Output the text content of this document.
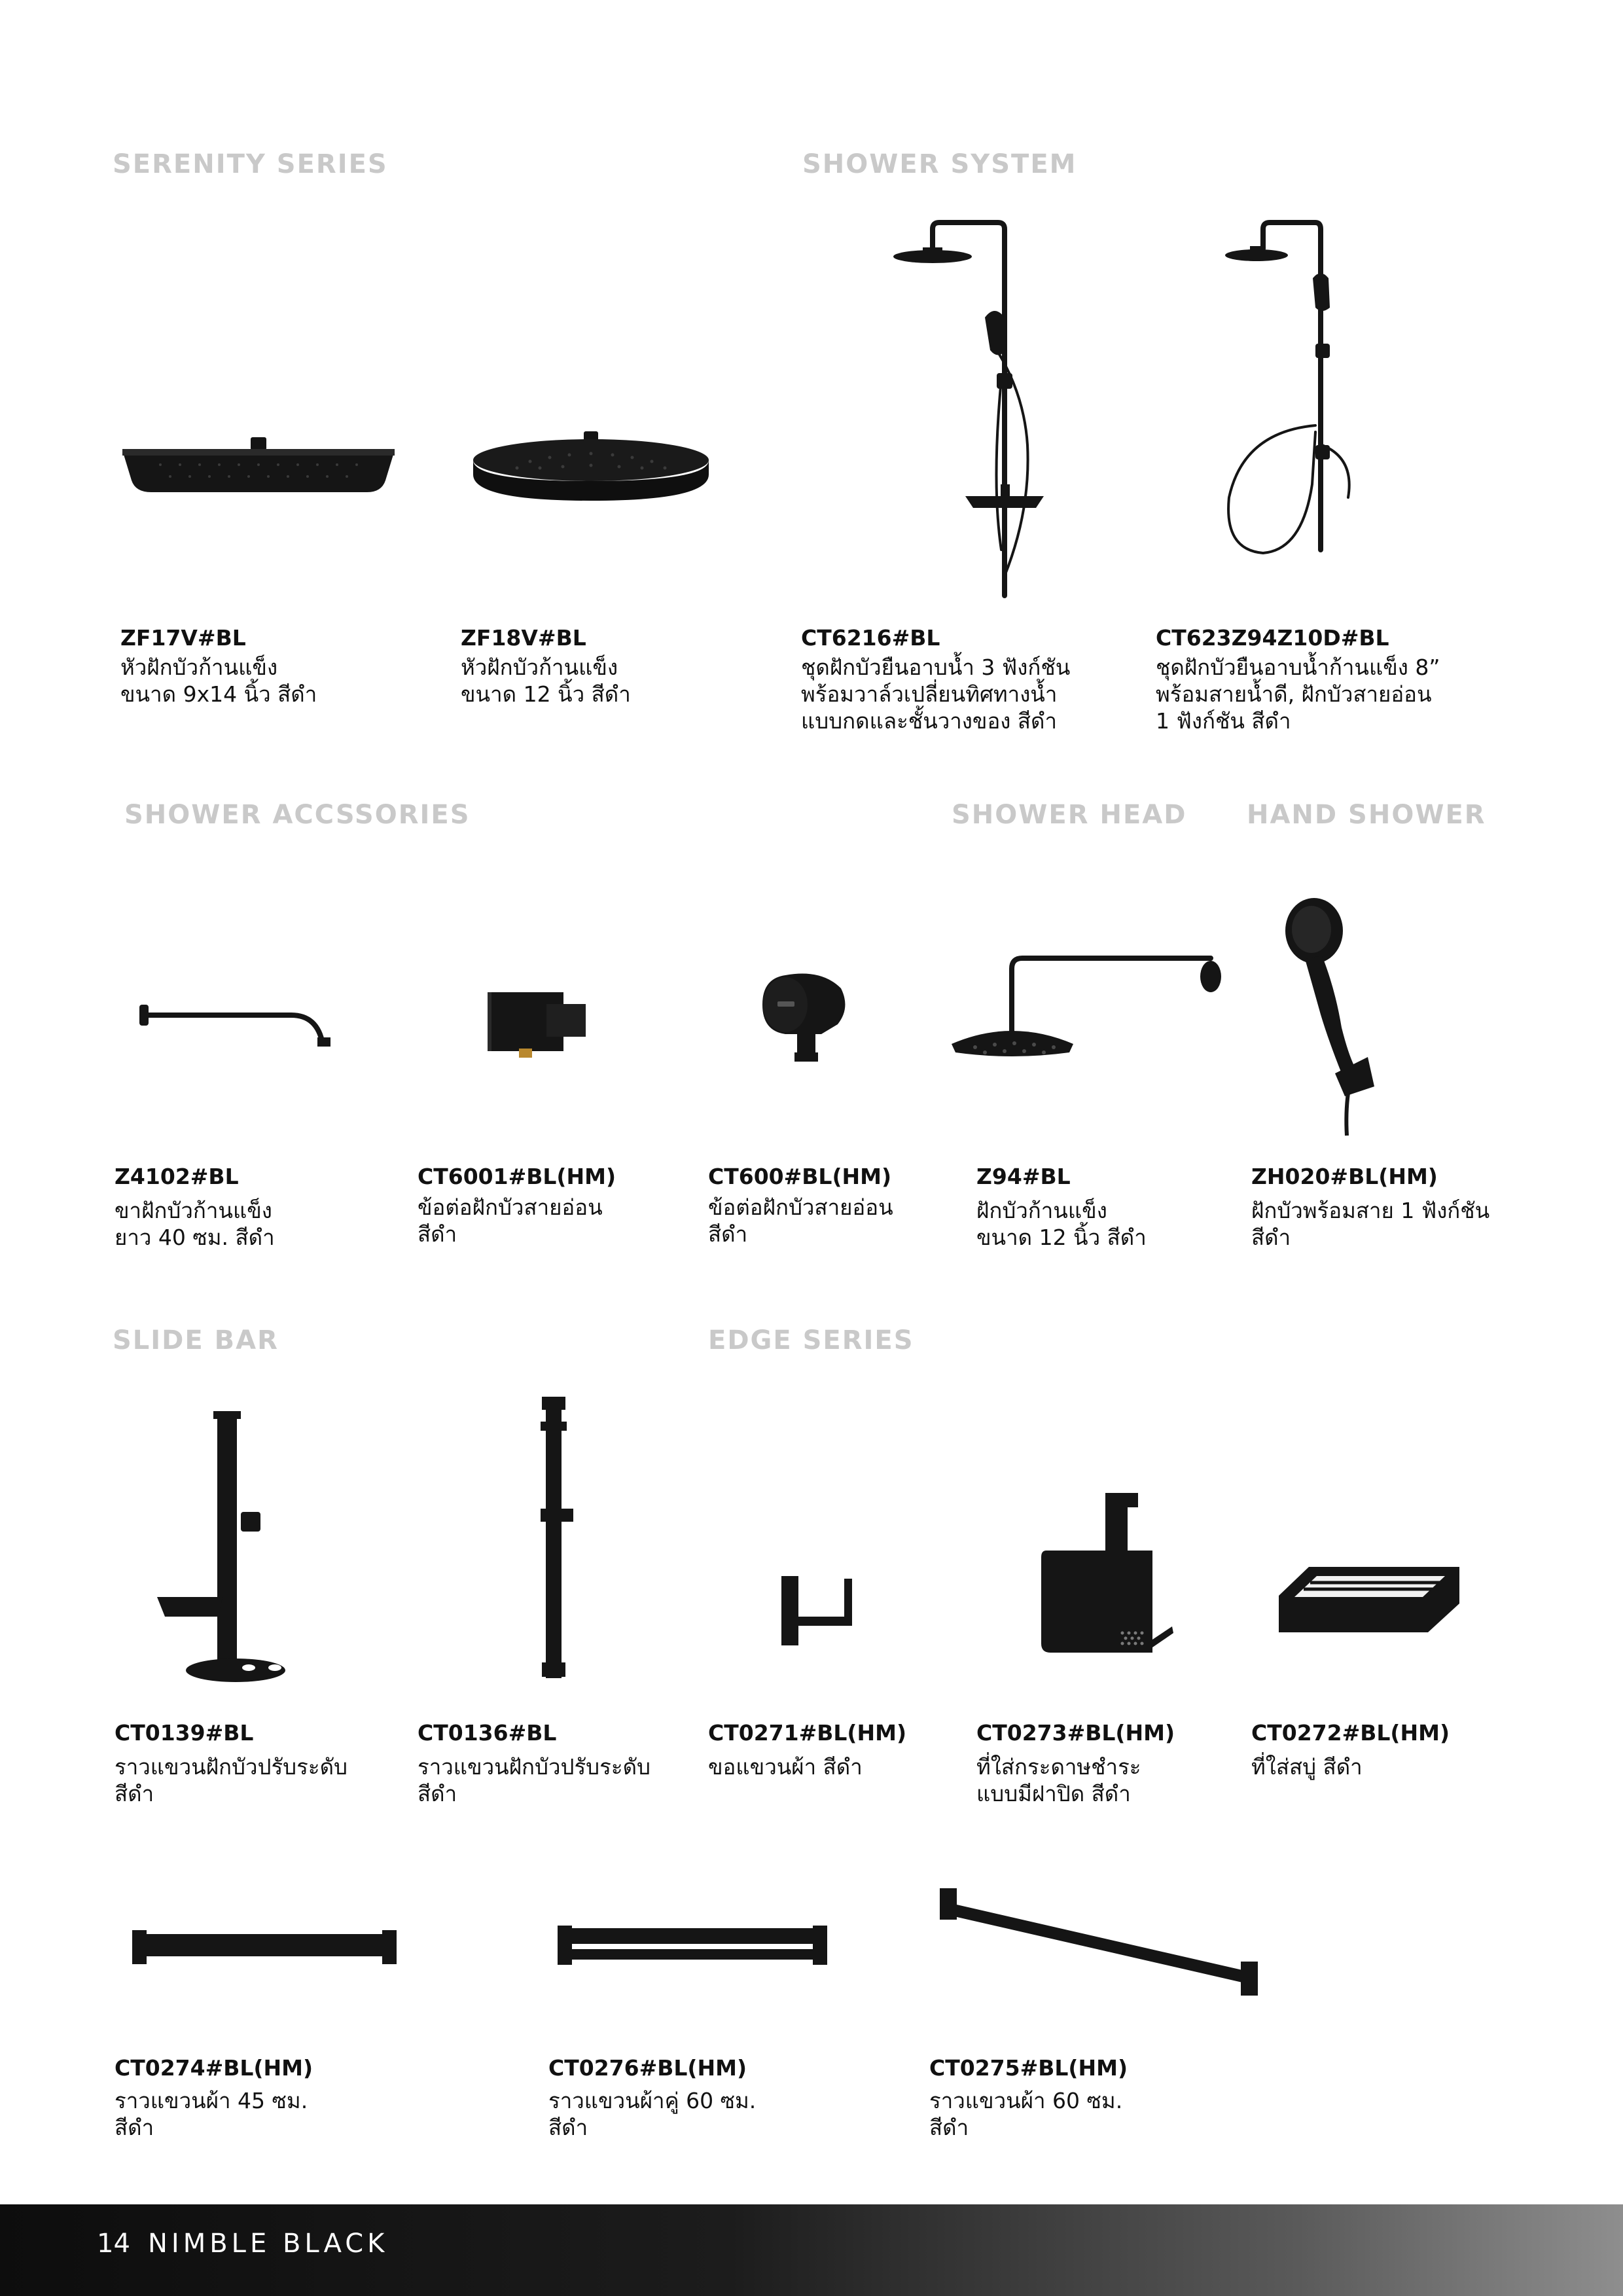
SERENITY SERIES	SHOWER SYSTEM
SHOWER ACCSSORIES	SHOWER HEAD HAND SHOWER
SLIDE BAR	EDGE SERIES
ZF17V#BL
หัวฝักบัวก้านแข็ง
ขนาด 9x14 นิ้ว สีดำ
ZF18V#BL
หัวฝักบัวก้านแข็ง
ขนาด 12 นิ้ว สีดำ
CT6216#BL
ชุดฝักบัวยืนอาบน้ำ 3 ฟังก์ชัน
พร้อมวาล์วเปลี่ยนทิศทางน้ำ
แบบกดและชั้นวางของ สีดำ
CT623Z94Z10D#BL
ชุดฝักบัวยืนอาบน้ำก้านแข็ง 8”
พร้อมสายน้ำดี, ฝักบัวสายอ่อน
1 ฟังก์ชัน สีดำ
Z4102#BL
ขาฝักบัวก้านแข็ง
ยาว 40 ซม. สีดำ
CT6001#BL(HM)
ข้อต่อฝักบัวสายอ่อน
สีดำ
CT600#BL(HM)
ข้อต่อฝักบัวสายอ่อน
สีดำ
Z94#BL
ฝักบัวก้านแข็ง
ขนาด 12 นิ้ว สีดำ
ZH020#BL(HM)
ฝักบัวพร้อมสาย 1 ฟังก์ชัน
สีดำ
CT0139#BL
ราวแขวนฝักบัวปรับระดับ
สีดำ
CT0136#BL
ราวแขวนฝักบัวปรับระดับ
สีดำ
CT0271#BL(HM)
ขอแขวนผ้า สีดำ
CT0273#BL(HM)
ที่ใส่กระดาษชำระ
แบบมีฝาปิด สีดำ
CT0272#BL(HM)
ที่ใส่สบู่ สีดำ
CT0274#BL(HM)
ราวแขวนผ้า 45 ซม.
สีดำ
CT0276#BL(HM)
ราวแขวนผ้าคู่ 60 ซม.
สีดำ
CT0275#BL(HM)
ราวแขวนผ้า 60 ซม.
สีดำ
14 NIMBLE BLACK
